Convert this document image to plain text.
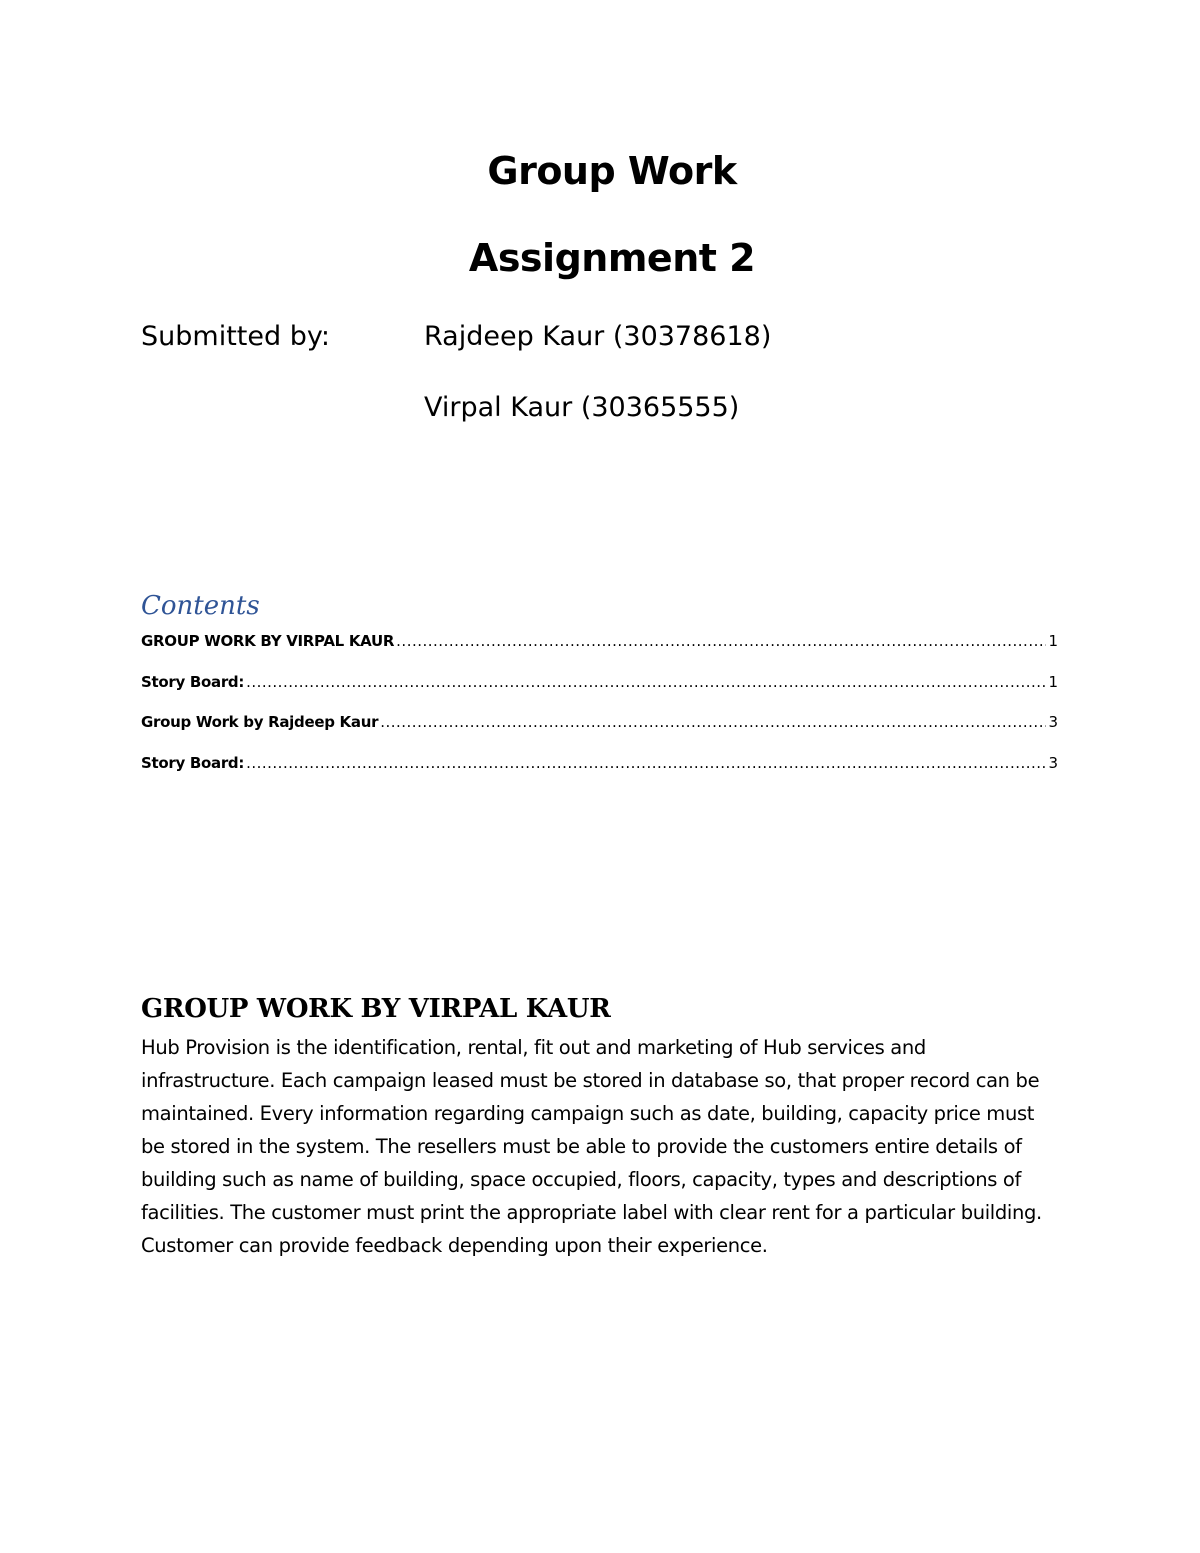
Group Work
Assignment 2
Submitted by:	Rajdeep Kaur (30378618)
Virpal Kaur (30365555)
Contents
GROUP WORK BY VIRPAL KAUR .....	1
Story Board: .....	1
Group Work by Rajdeep Kaur .....	3
Story Board: .....	3
GROUP WORK BY VIRPAL KAUR

Hub Provision is the identification, rental, fit out and marketing of Hub services and infrastructure. Each campaign leased must be stored in database so, that proper record can be maintained. Every information regarding campaign such as date, building, capacity price must be stored in the system. The resellers must be able to provide the customers entire details of building such as name of building, space occupied, floors, capacity, types and descriptions of facilities. The customer must print the appropriate label with clear rent for a particular building. Customer can provide feedback depending upon their experience.
